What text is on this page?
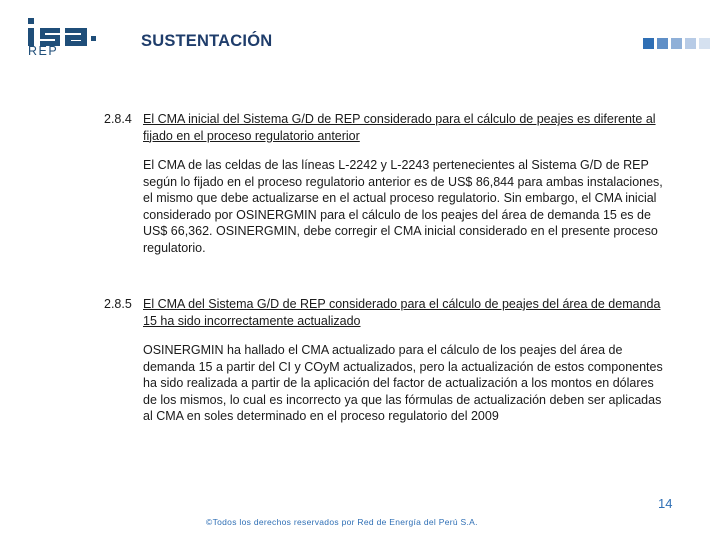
REP
SUSTENTACIÓN
2.8.4 El CMA inicial del Sistema G/D de REP considerado para el cálculo de peajes es diferente al fijado en el proceso regulatorio anterior
El CMA de las celdas de las líneas L-2242 y L-2243 pertenecientes al Sistema G/D de REP según lo fijado en el proceso regulatorio anterior es de US$ 86,844 para ambas instalaciones, el mismo que debe actualizarse en el actual proceso regulatorio. Sin embargo, el CMA inicial considerado por OSINERGMIN para el cálculo de los peajes del área de demanda 15 es de US$ 66,362. OSINERGMIN, debe corregir el CMA inicial considerado en el presente proceso regulatorio.
2.8.5 El CMA del Sistema G/D de REP considerado para el cálculo de peajes del área de demanda 15 ha sido incorrectamente actualizado
OSINERGMIN ha hallado el CMA actualizado para el cálculo de los peajes del área de demanda 15 a partir del CI y COyM actualizados, pero la actualización de estos componentes ha sido realizada a partir de la aplicación del factor de actualización a los montos en dólares de los mismos, lo cual es incorrecto ya que las fórmulas de actualización deben ser aplicadas al CMA en soles determinado en el proceso regulatorio del 2009
14
©Todos los derechos reservados por Red de Energía del Perú S.A.
